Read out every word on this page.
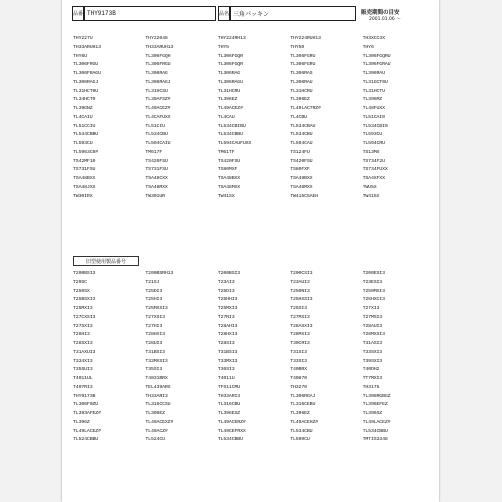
品番 THY9173B	品名 三角パッキン	販売期間の目安
2001.01.06 〜
THY227U	THY22048	THY224RH13	THY224RUH13	TH3XCC3X
TH33ARUH13	TH33ARUH13	THY5	THY50	THY6
THY6U	TL306FGQH	TL306FGQR	TL306FGRU	TL306FGQRU
TL306FRGU	TL306FRGU	TL306FGQR	TL306FGRU	TL306FGRAU
TL306FRAGU	TL306RAG	TL306RAG	TL306RAS	TL306RAU
TL306RAGJ	TL306RAGJ	TL306RAGU	TL306RAU	TL31GCT0U
TL31HCT0U	TL31HCSU	TL31HCRU	TL31HCRU	TL31HCTU
TL34HCT0	TL39AFSZ#	TL396EZ	TL396EZ	TL396MZ
TL39GNZ	TL49ACEZ#	TL49ACEZ#	TL49LACTRZ#	TL48FUXX
TL4CAIU	TL4CAFUXX	TL4CAU	TL4CBU	TL51CAI0
TL51CCIU	TL51CIU	TL534CBIBU	TL534CBAU	TL534CBI0
TL534CBBU	TL534CBU	TL534CBBU	TL534CBU	TL593CU
TL593CU	TL594CAIU	TL594CAUFUXX	TL594CAU	TL594CRU
TL5963C0#	TM617F	TM61TF	TS124FU	TS13MX
TS42MF10	TS420FSU	TS420FSU	TS420FSU	TS734F2U
TS731FSU	TS731FSU	TS80MXF	TS80FXF	TS734FUXX
TSA48BXX	TSA48CXX	TSA48BXX	TSA48BXX	TSA4XFXX
TSA48JXX	TSA48MXX	TSA48MXX	TSA48MXX	TWU5X
TW30IRX	TW301UR	TW41SX	TW415C5AEH	TW415X
旧型使用製品番号
T200BSI3	T200BSRH13	T200BSI3	T200CSI3	T200ESI3
T20SC	T21SJ	T23AI3	T23AUI3	T23ESI3
T250SX	T25DI3	T25DI3	T250NI3	T250MXI3
T25BSXI3	T25HI3	T25HHI3	T25HXSI3	T25HXCI3
T25MXI3	T25MXSI3	T25MXI3	T25SI3	T27XI3
T27CXSI3	T27XSI3	T27RI3	T27MXI3	T27MSI3
T27SXI3	T27HI3	T28AHI3	T28ASXI3	T28AUI3
T28HI3	T28HXI3	T28HXI3	T28MXI3	T28MXSI3
T28SXI3	T28UI3	T28SI3	T30CRI3	T31ASI3
T31AXUI3	T31BSI3	T31BSI3	T31SI3	T33SXI3
T334XI3	T33MXSI3	T33MXI3	T33SI3	T39SXI3
T35SUI3	T35SI3	T36SI3	T40BRX	T40DH2
T4011UL	T4031BRX	T4011U	T40870	TT7MXI3
T407RI3	TEL439ARX	TFS11CMU	TH3270	TH3175
THY9173B	TH33ARI3	TH33ARI3	TL306RGAJ	TL306RGBGZ
TL306F0ZU	TL316CCSU	TL316CBU	TL316CEBU	TL396EFEZ
TL393AFEZ#	TL396EZ	TL396ESZ	TL396EZ	TL396SZ
TL396Z	TL49ACEXZ#	TL49ACERZ#	TL49ACEHZ#	TL49LACEZ#
TL49LACEZ#	TL49ACZ#	TL49CEFRXX	TL534CBU	TL534CBBU
TL524CBBU	TL524CU	TL534CBBU	TL590CU	TMTIS3348
